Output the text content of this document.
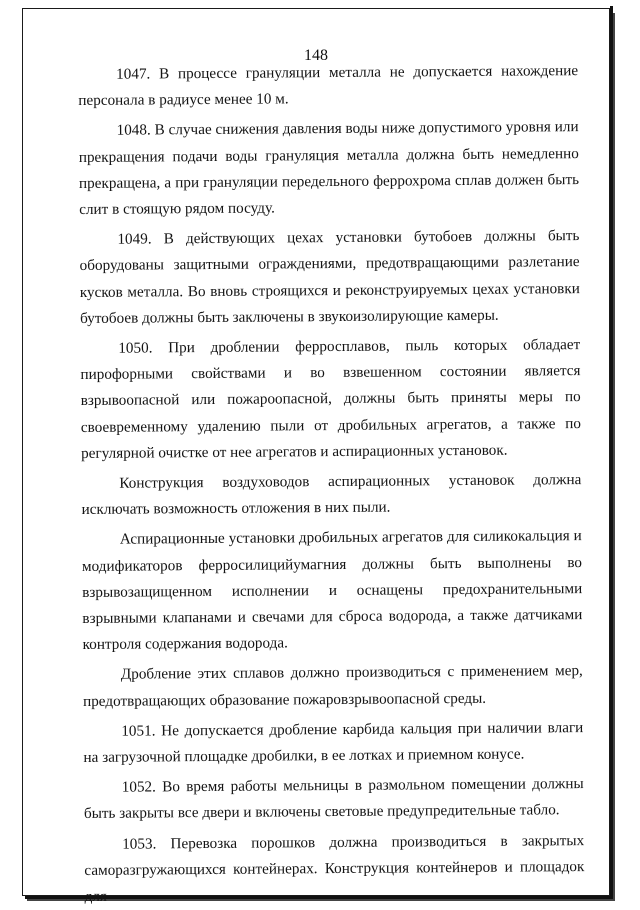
148

1047. В процессе грануляции металла не допускается нахождение персонала в радиусе менее 10 м.

1048. В случае снижения давления воды ниже допустимого уровня или прекращения подачи воды грануляция металла должна быть немедленно прекращена, а при грануляции передельного феррохрома сплав должен быть слит в стоящую рядом посуду.

1049. В действующих цехах установки бутобоев должны быть оборудованы защитными ограждениями, предотвращающими разлетание кусков металла. Во вновь строящихся и реконструируемых цехах установки бутобоев должны быть заключены в звукоизолирующие камеры.

1050. При дроблении ферросплавов, пыль которых обладает пирофорными свойствами и во взвешенном состоянии является взрывоопасной или пожароопасной, должны быть приняты меры по своевременному удалению пыли от дробильных агрегатов, а также по регулярной очистке от нее агрегатов и аспирационных установок.

Конструкция воздуховодов аспирационных установок должна исключать возможность отложения в них пыли.

Аспирационные установки дробильных агрегатов для силикокальция и модификаторов ферросилицийумагния должны быть выполнены во взрывозащищенном исполнении и оснащены предохранительными взрывными клапанами и свечами для сброса водорода, а также датчиками контроля содержания водорода.

Дробление этих сплавов должно производиться с применением мер, предотвращающих образование пожаровзрывоопасной среды.

1051. Не допускается дробление карбида кальция при наличии влаги на загрузочной площадке дробилки, в ее лотках и приемном конусе.

1052. Во время работы мельницы в размольном помещении должны быть закрыты все двери и включены световые предупредительные табло.

1053. Перевозка порошков должна производиться в закрытых саморазгружающихся контейнерах. Конструкция контейнеров и площадок для
